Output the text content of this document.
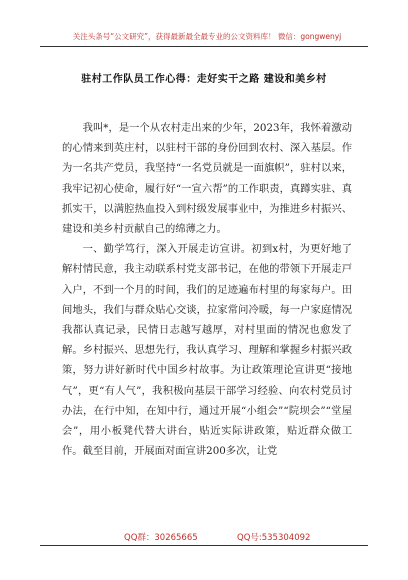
关注头条号“公文研究”，获得最新最全最专业的公文资料库！ 微信：gongwenyj
驻村工作队员工作心得：走好实干之路 建设和美乡村

我叫*，是一个从农村走出来的少年，2023年，我怀着激动的心情来到英庄村，以驻村干部的身份回到农村、深入基层。作为一名共产党员，我坚持“一名党员就是一面旗帜”，驻村以来，我牢记初心使命，履行好“一宣六帮”的工作职责，真蹲实驻、真抓实干，以满腔热血投入到村级发展事业中，为推进乡村振兴、建设和美乡村贡献自己的绵薄之力。

一、勤学笃行，深入开展走访宣讲。初到x村，为更好地了解村情民意，我主动联系村党支部书记，在他的带领下开展走戸入户，不到一个月的时间，我们的足迹遍布村里的每家每户。田间地头，我们与群众贴心交谈，拉家常问冷暖，每一户家庭情况我都认真记录，民情日志越写越厚，对村里面的情况也愈发了解。乡村振兴、思想先行，我认真学习、理解和掌握乡村振兴政策，努力讲好新时代中国乡村故事。为让政策理论宣讲更“接地气”，更“有人气”，我积极向基层干部学习经验、向农村党员讨办法，在行中知，在知中行，通过开展“小组会”“院坝会”“堂屋会”，用小板凳代替大讲台，贴近实际讲政策，贴近群众做工作。截至目前，开展面对面宣讲200多次，让党

QQ群：30265665	QQ号:535304092
